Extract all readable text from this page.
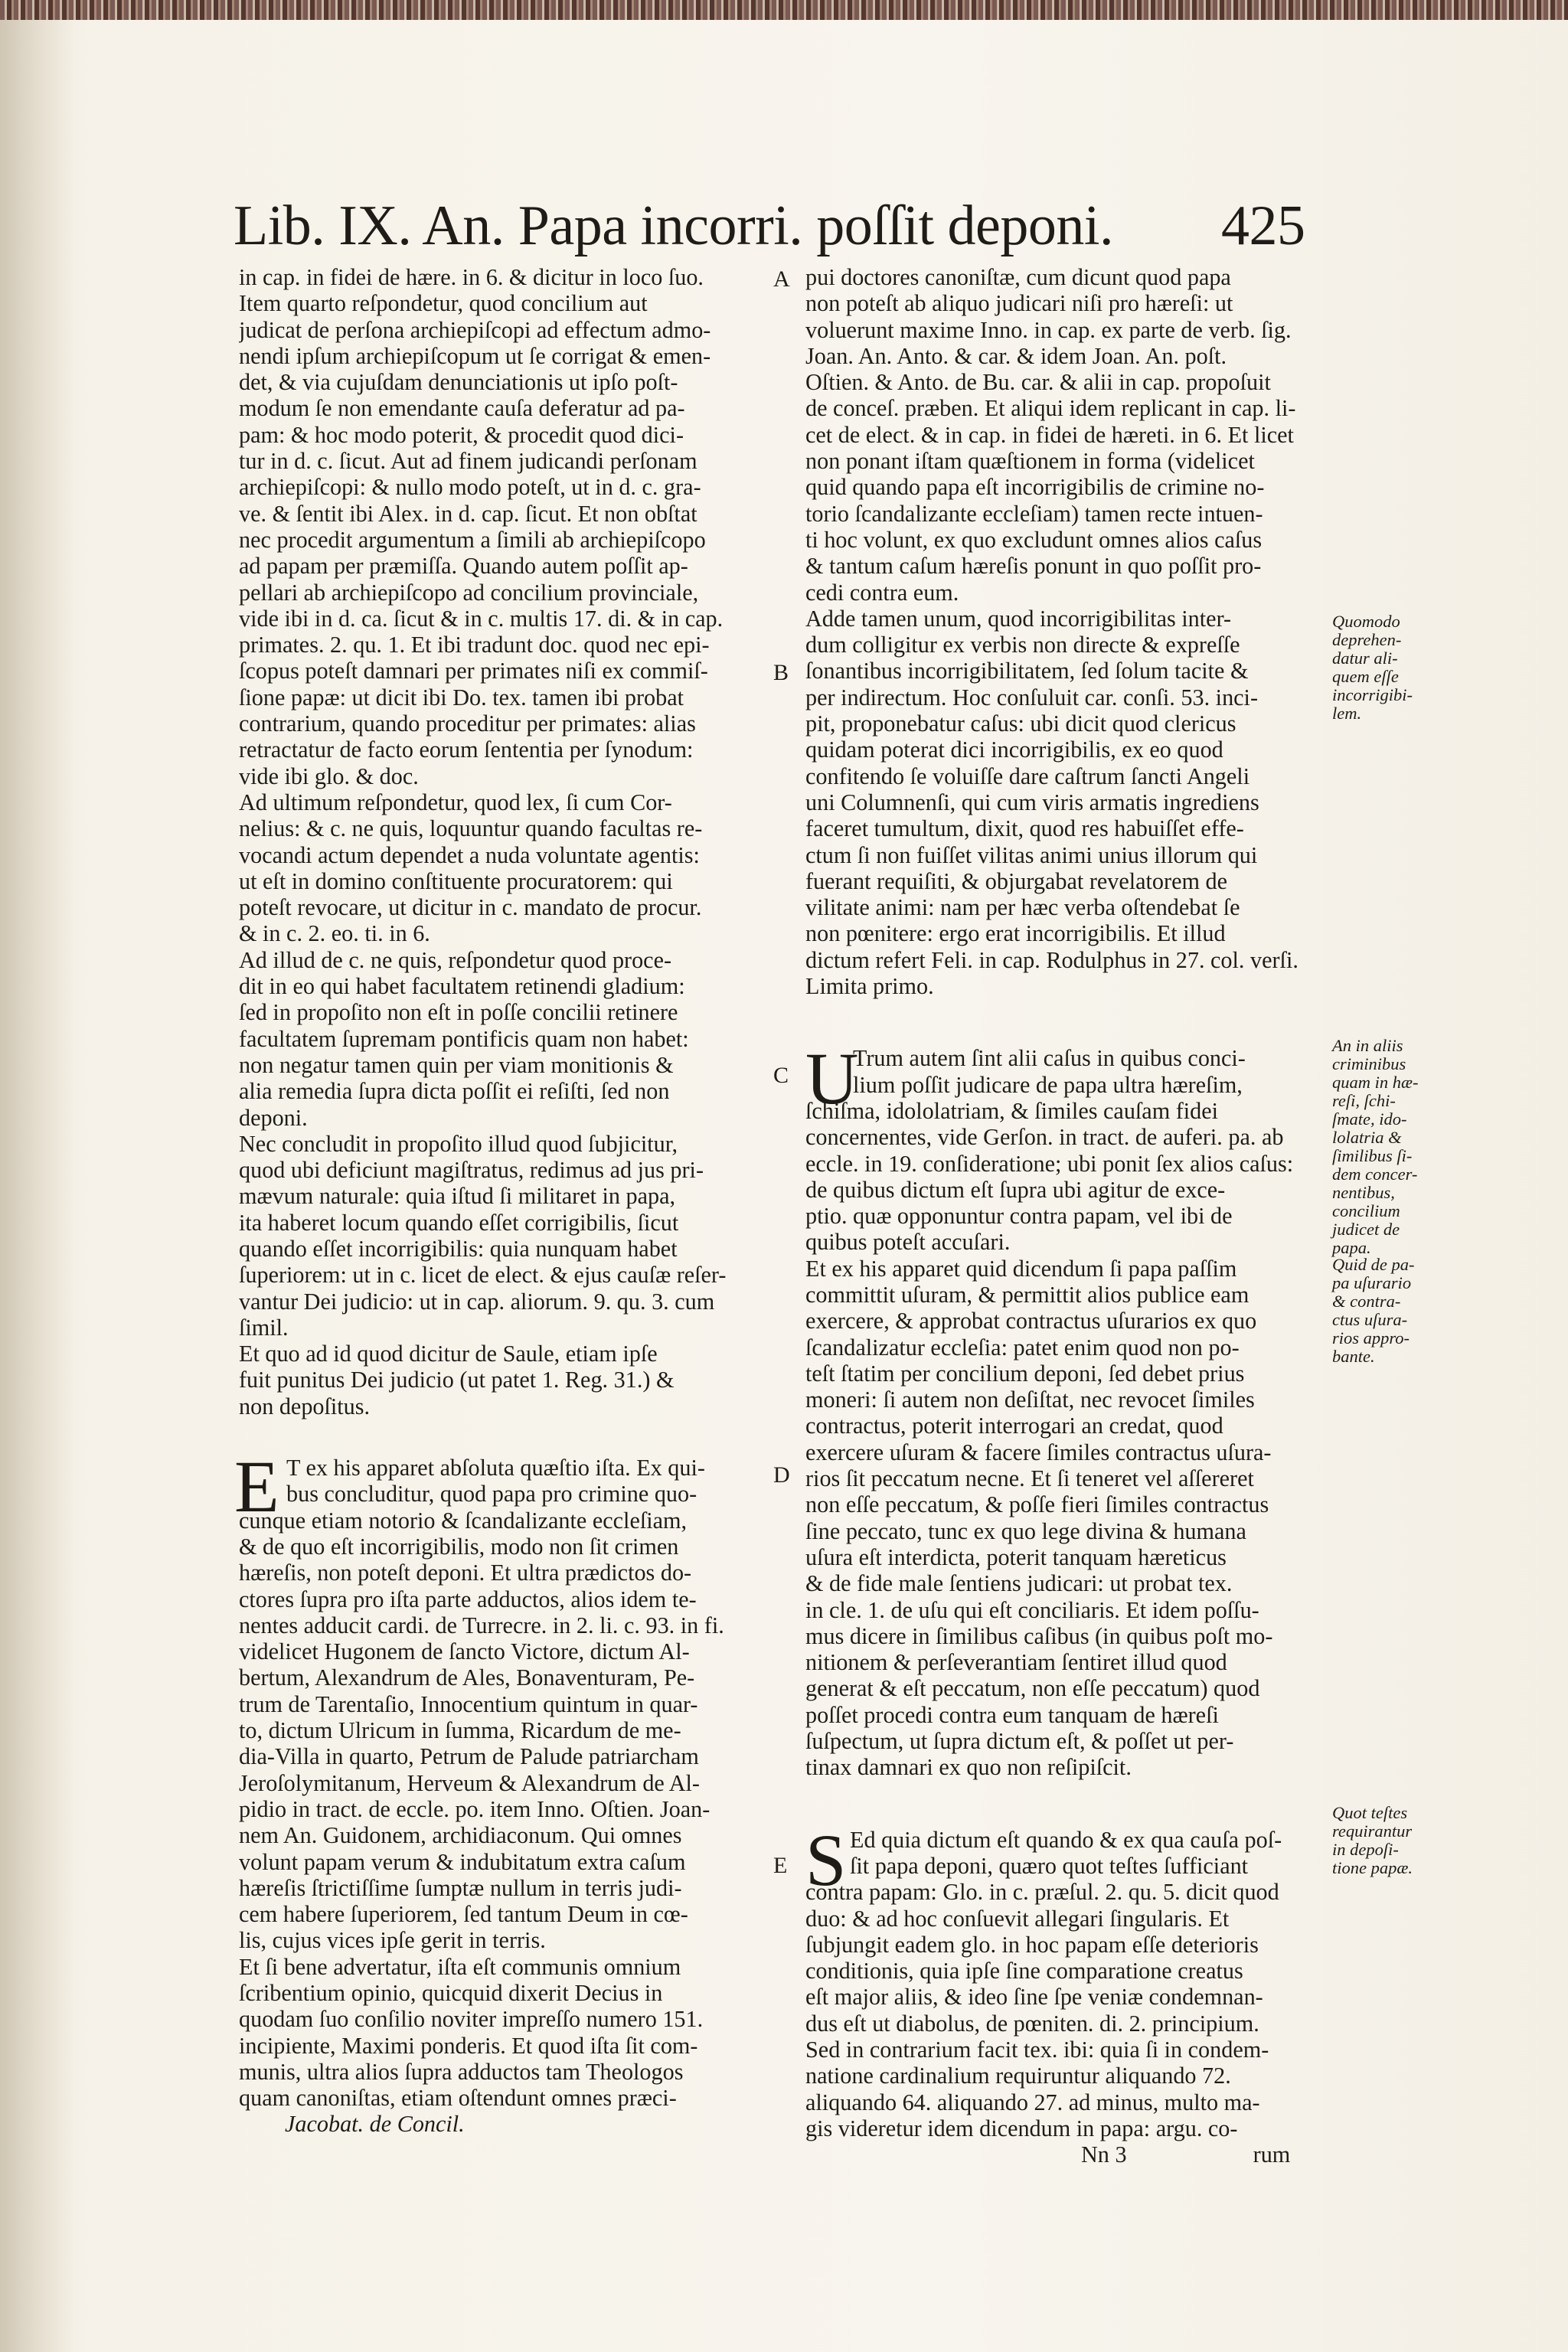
Lib. IX. An. Papa incorri. poſſit deponi. 425
in cap. in fidei de hære. in 6. & dicitur in loco ſuo.
Item quarto reſpondetur, quod concilium aut
judicat de perſona archiepiſcopi ad effectum admo-
nendi ipſum archiepiſcopum ut ſe corrigat & emen-
det, & via cujuſdam denunciationis ut ipſo poſt-
modum ſe non emendante cauſa deferatur ad pa-
pam: & hoc modo poterit, & procedit quod dici-
tur in d. c. ſicut. Aut ad finem judicandi perſonam
archiepiſcopi: & nullo modo poteſt, ut in d. c. gra-
ve. & ſentit ibi Alex. in d. cap. ſicut. Et non obſtat
nec procedit argumentum a ſimili ab archiepiſcopo
ad papam per præmiſſa. Quando autem poſſit ap-
pellari ab archiepiſcopo ad concilium provinciale,
vide ibi in d. ca. ſicut & in c. multis 17. di. & in cap.
primates. 2. qu. 1. Et ibi tradunt doc. quod nec epi-
ſcopus poteſt damnari per primates niſi ex commiſ-
ſione papæ: ut dicit ibi Do. tex. tamen ibi probat
contrarium, quando proceditur per primates: alias
retractatur de facto eorum ſententia per ſynodum:
vide ibi glo. & doc.
Ad ultimum reſpondetur, quod lex, ſi cum Cor-
nelius: & c. ne quis, loquuntur quando facultas re-
vocandi actum dependet a nuda voluntate agentis:
ut eſt in domino conſtituente procuratorem: qui
poteſt revocare, ut dicitur in c. mandato de procur.
& in c. 2. eo. ti. in 6.
Ad illud de c. ne quis, reſpondetur quod proce-
dit in eo qui habet facultatem retinendi gladium:
ſed in propoſito non eſt in poſſe concilii retinere
facultatem ſupremam pontificis quam non habet:
non negatur tamen quin per viam monitionis &
alia remedia ſupra dicta poſſit ei reſiſti, ſed non
deponi.
Nec concludit in propoſito illud quod ſubjicitur,
quod ubi deficiunt magiſtratus, redimus ad jus pri-
mævum naturale: quia iſtud ſi militaret in papa,
ita haberet locum quando eſſet corrigibilis, ſicut
quando eſſet incorrigibilis: quia nunquam habet
ſuperiorem: ut in c. licet de elect. & ejus cauſæ reſer-
vantur Dei judicio: ut in cap. aliorum. 9. qu. 3. cum
ſimil.
Et quo ad id quod dicitur de Saule, etiam ipſe
fuit punitus Dei judicio (ut patet 1. Reg. 31.) &
non depoſitus.
E T ex his apparet abſoluta quæſtio iſta. Ex qui-
bus concluditur, quod papa pro crimine quo-
cunque etiam notorio & ſcandalizante eccleſiam,
& de quo eſt incorrigibilis, modo non ſit crimen
hæreſis, non poteſt deponi. Et ultra prædictos do-
ctores ſupra pro iſta parte adductos, alios idem te-
nentes adducit cardi. de Turrecre. in 2. li. c. 93. in fi.
videlicet Hugonem de ſancto Victore, dictum Al-
bertum, Alexandrum de Ales, Bonaventuram, Pe-
trum de Tarentaſio, Innocentium quintum in quar-
to, dictum Ulricum in ſumma, Ricardum de me-
dia-Villa in quarto, Petrum de Palude patriarcham
Jeroſolymitanum, Herveum & Alexandrum de Al-
pidio in tract. de eccle. po. item Inno. Oſtien. Joan-
nem An. Guidonem, archidiaconum. Qui omnes
volunt papam verum & indubitatum extra caſum
hæreſis ſtrictiſſime ſumptæ nullum in terris judi-
cem habere ſuperiorem, ſed tantum Deum in cœ-
lis, cujus vices ipſe gerit in terris.
Et ſi bene advertatur, iſta eſt communis omnium
ſcribentium opinio, quicquid dixerit Decius in
quodam ſuo conſilio noviter impreſſo numero 151.
incipiente, Maximi ponderis. Et quod iſta ſit com-
munis, ultra alios ſupra adductos tam Theologos
quam canoniſtas, etiam oſtendunt omnes præci-
Jacobat. de Concil.
pui doctores canoniſtæ, cum dicunt quod papa
non poteſt ab aliquo judicari niſi pro hæreſi: ut
voluerunt maxime Inno. in cap. ex parte de verb. ſig.
Joan. An. Anto. & car. & idem Joan. An. poſt.
Oſtien. & Anto. de Bu. car. & alii in cap. propoſuit
de conceſ. præben. Et aliqui idem replicant in cap. li-
cet de elect. & in cap. in fidei de hæreti. in 6. Et licet
non ponant iſtam quæſtionem in forma (videlicet
quid quando papa eſt incorrigibilis de crimine no-
torio ſcandalizante eccleſiam) tamen recte intuen-
ti hoc volunt, ex quo excludunt omnes alios caſus
& tantum caſum hæreſis ponunt in quo poſſit pro-
cedi contra eum.
Adde tamen unum, quod incorrigibilitas inter-
dum colligitur ex verbis non directe & expreſſe
ſonantibus incorrigibilitatem, ſed ſolum tacite &
per indirectum. Hoc conſuluit car. conſi. 53. inci-
pit, proponebatur caſus: ubi dicit quod clericus
quidam poterat dici incorrigibilis, ex eo quod
confitendo ſe voluiſſe dare caſtrum ſancti Angeli
uni Columnenſi, qui cum viris armatis ingrediens
faceret tumultum, dixit, quod res habuiſſet effe-
ctum ſi non fuiſſet vilitas animi unius illorum qui
fuerant requiſiti, & objurgabat revelatorem de
vilitate animi: nam per hæc verba oſtendebat ſe
non pœnitere: ergo erat incorrigibilis. Et illud
dictum refert Feli. in cap. Rodulphus in 27. col. verſi.
Limita primo.
U
Trum autem ſint alii caſus in quibus conci-
lium poſſit judicare de papa ultra hæreſim,
ſchiſma, idololatriam, & ſimiles cauſam fidei
concernentes, vide Gerſon. in tract. de auferi. pa. ab
eccle. in 19. conſideratione; ubi ponit ſex alios caſus:
de quibus dictum eſt ſupra ubi agitur de exce-
ptio. quæ opponuntur contra papam, vel ibi de
quibus poteſt accuſari.
Et ex his apparet quid dicendum ſi papa paſſim
committit uſuram, & permittit alios publice eam
exercere, & approbat contractus uſurarios ex quo
ſcandalizatur eccleſia: patet enim quod non po-
teſt ſtatim per concilium deponi, ſed debet prius
moneri: ſi autem non deſiſtat, nec revocet ſimiles
contractus, poterit interrogari an credat, quod
exercere uſuram & facere ſimiles contractus uſura-
rios ſit peccatum necne. Et ſi teneret vel aſſereret
non eſſe peccatum, & poſſe fieri ſimiles contractus
ſine peccato, tunc ex quo lege divina & humana
uſura eſt interdicta, poterit tanquam hæreticus
& de fide male ſentiens judicari: ut probat tex.
in cle. 1. de uſu qui eſt conciliaris. Et idem poſſu-
mus dicere in ſimilibus caſibus (in quibus poſt mo-
nitionem & perſeverantiam ſentiret illud quod
generat & eſt peccatum, non eſſe peccatum) quod
poſſet procedi contra eum tanquam de hæreſi
ſuſpectum, ut ſupra dictum eſt, & poſſet ut per-
tinax damnari ex quo non reſipiſcit.
S Ed quia dictum eſt quando & ex qua cauſa poſ-
ſit papa deponi, quæro quot teſtes ſufficiant
contra papam: Glo. in c. præſul. 2. qu. 5. dicit quod
duo: & ad hoc conſuevit allegari ſingularis. Et
ſubjungit eadem glo. in hoc papam eſſe deterioris
conditionis, quia ipſe ſine comparatione creatus
eſt major aliis, & ideo ſine ſpe veniæ condemnan-
dus eſt ut diabolus, de pœniten. di. 2. principium.
Sed in contrarium facit tex. ibi: quia ſi in condem-
natione cardinalium requiruntur aliquando 72.
aliquando 64. aliquando 27. ad minus, multo ma-
gis videretur idem dicendum in papa: argu. co-
Nn 3	rum
A
B
C
D
E
Quomodo
deprehen-
datur ali-
quem eſſe
incorrigibi-
lem.
An in aliis
criminibus
quam in hæ-
reſi, ſchi-
ſmate, ido-
lolatria &
ſimilibus ſi-
dem concer-
nentibus,
concilium
judicet de
papa.
Quid de pa-
pa uſurario
& contra-
ctus uſura-
rios appro-
bante.
Quot teſtes
requirantur
in depoſi-
tione papæ.
